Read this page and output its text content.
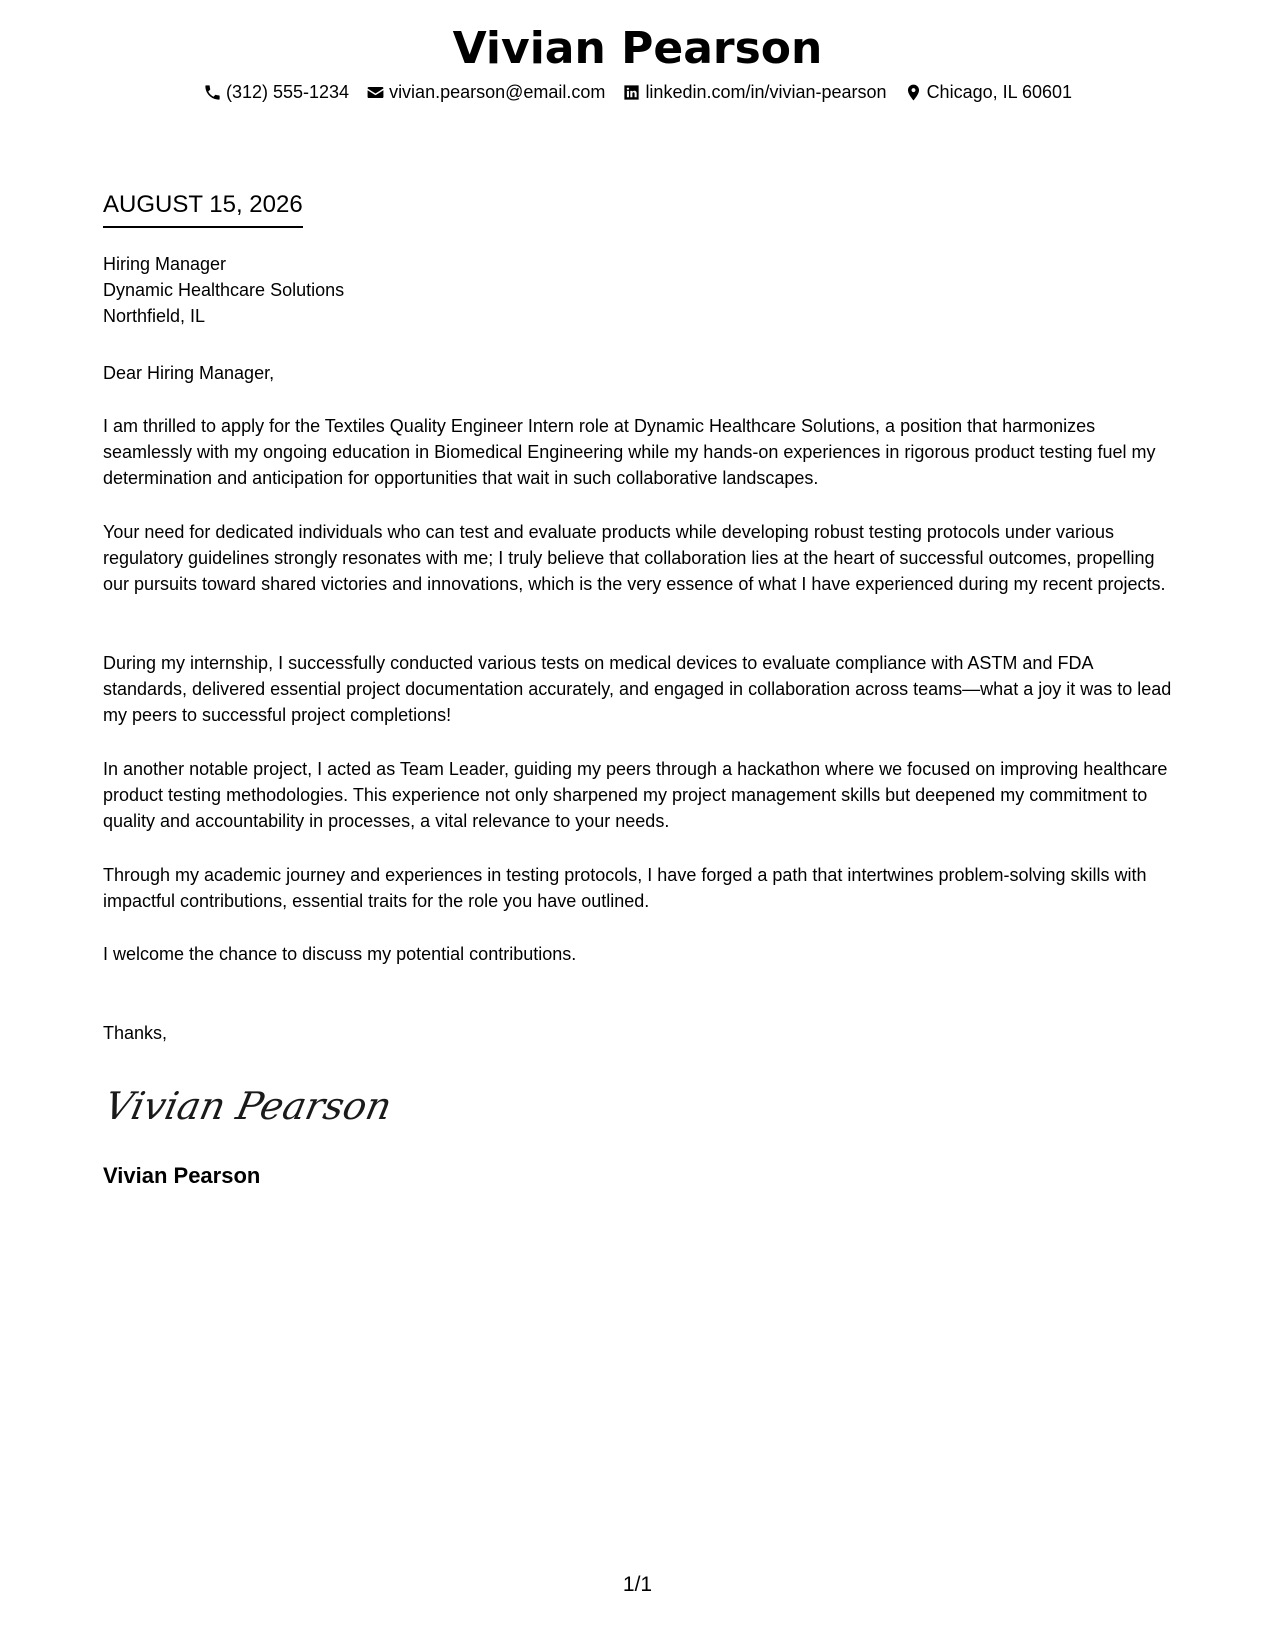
Vivian Pearson
(312) 555-1234 vivian.pearson@email.com linkedin.com/in/vivian-pearson Chicago, IL 60601
AUGUST 15, 2026
Hiring Manager
Dynamic Healthcare Solutions
Northfield, IL
Dear Hiring Manager,
I am thrilled to apply for the Textiles Quality Engineer Intern role at Dynamic Healthcare Solutions, a position that harmonizes seamlessly with my ongoing education in Biomedical Engineering while my hands-on experiences in rigorous product testing fuel my determination and anticipation for opportunities that wait in such collaborative landscapes.
Your need for dedicated individuals who can test and evaluate products while developing robust testing protocols under various regulatory guidelines strongly resonates with me; I truly believe that collaboration lies at the heart of successful outcomes, propelling our pursuits toward shared victories and innovations, which is the very essence of what I have experienced during my recent projects.
During my internship, I successfully conducted various tests on medical devices to evaluate compliance with ASTM and FDA standards, delivered essential project documentation accurately, and engaged in collaboration across teams—what a joy it was to lead my peers to successful project completions!
In another notable project, I acted as Team Leader, guiding my peers through a hackathon where we focused on improving healthcare product testing methodologies. This experience not only sharpened my project management skills but deepened my commitment to quality and accountability in processes, a vital relevance to your needs.
Through my academic journey and experiences in testing protocols, I have forged a path that intertwines problem-solving skills with impactful contributions, essential traits for the role you have outlined.
I welcome the chance to discuss my potential contributions.
Thanks,
Vivian Pearson
Vivian Pearson
1/1
